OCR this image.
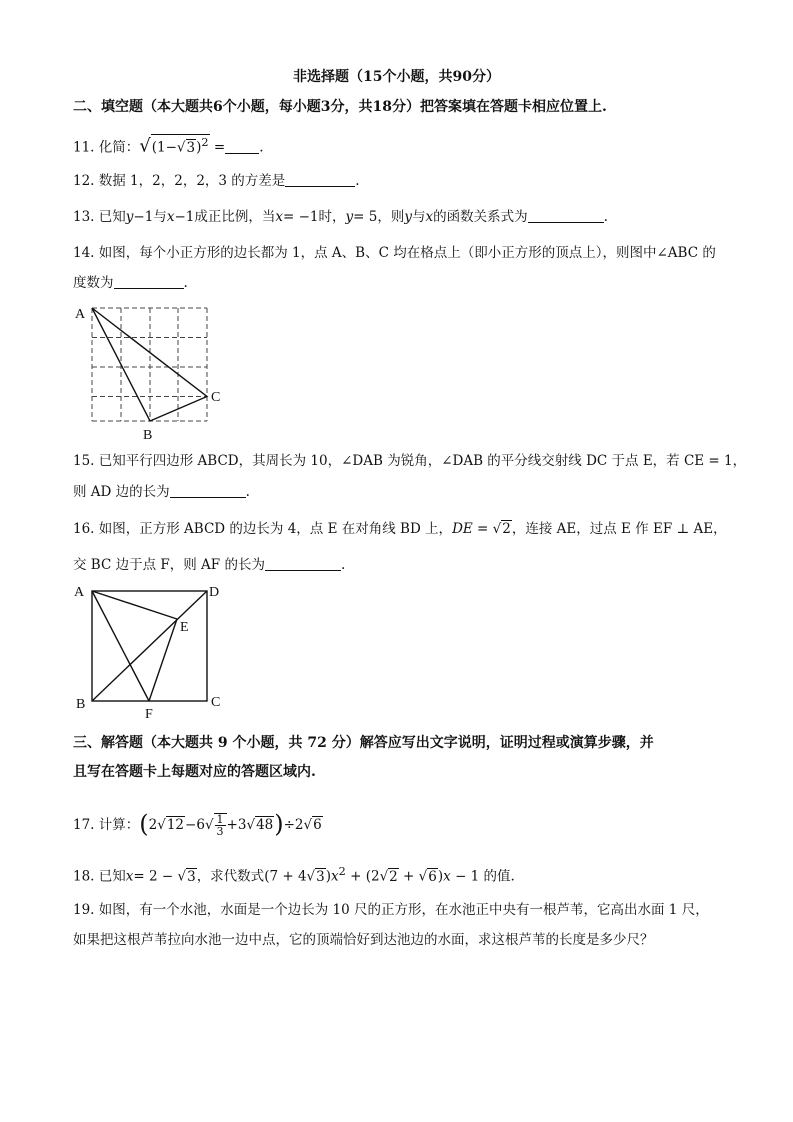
非选择题（15个小题，共90分）
二、填空题（本大题共6个小题，每小题3分，共18分）把答案填在答题卡相应位置上.
11. 化简：$√(1-√3)^2$ =	.
12. 数据 1，2，2，2，3 的方差是	.
13. 已知y−1与x−1成正比例，当x= −1时，y= 5，则y与x的函数关系式为	.
14. 如图，每个小正方形的边长都为 1，点 A、B、C 均在格点上（即小正方形的顶点上），则图中∠ABC 的
度数为	.
A
C
B
15. 已知平行四边形 ABCD，其周长为 10，∠DAB 为锐角，∠DAB 的平分线交射线 DC 于点 E，若 CE = 1，
则 AD 边的长为	.
16. 如图，正方形 ABCD 的边长为 4，点 E 在对角线 BD 上，DE = √2，连接 AE，过点 E 作 EF ⊥ AE，
交 BC 边于点 F，则 AF 的长为	.
A	D
E
B	C
F
三、解答题（本大题共 9 个小题，共 72 分）解答应写出文字说明，证明过程或演算步骤，并
且写在答题卡上每题对应的答题区域内.
17. 计算：$(2√12-6√ \frac{1}{3} +3√48)\div 2√6$
18. 已知x= 2 − √3，求代数式$(7 + 4√3)x^2 + (2√2 + √6)x - 1$ 的值.
19. 如图，有一个水池，水面是一个边长为 10 尺的正方形，在水池正中央有一根芦苇，它高出水面 1 尺，
如果把这根芦苇拉向水池一边中点，它的顶端恰好到达池边的水面，求这根芦苇的长度是多少尺？
